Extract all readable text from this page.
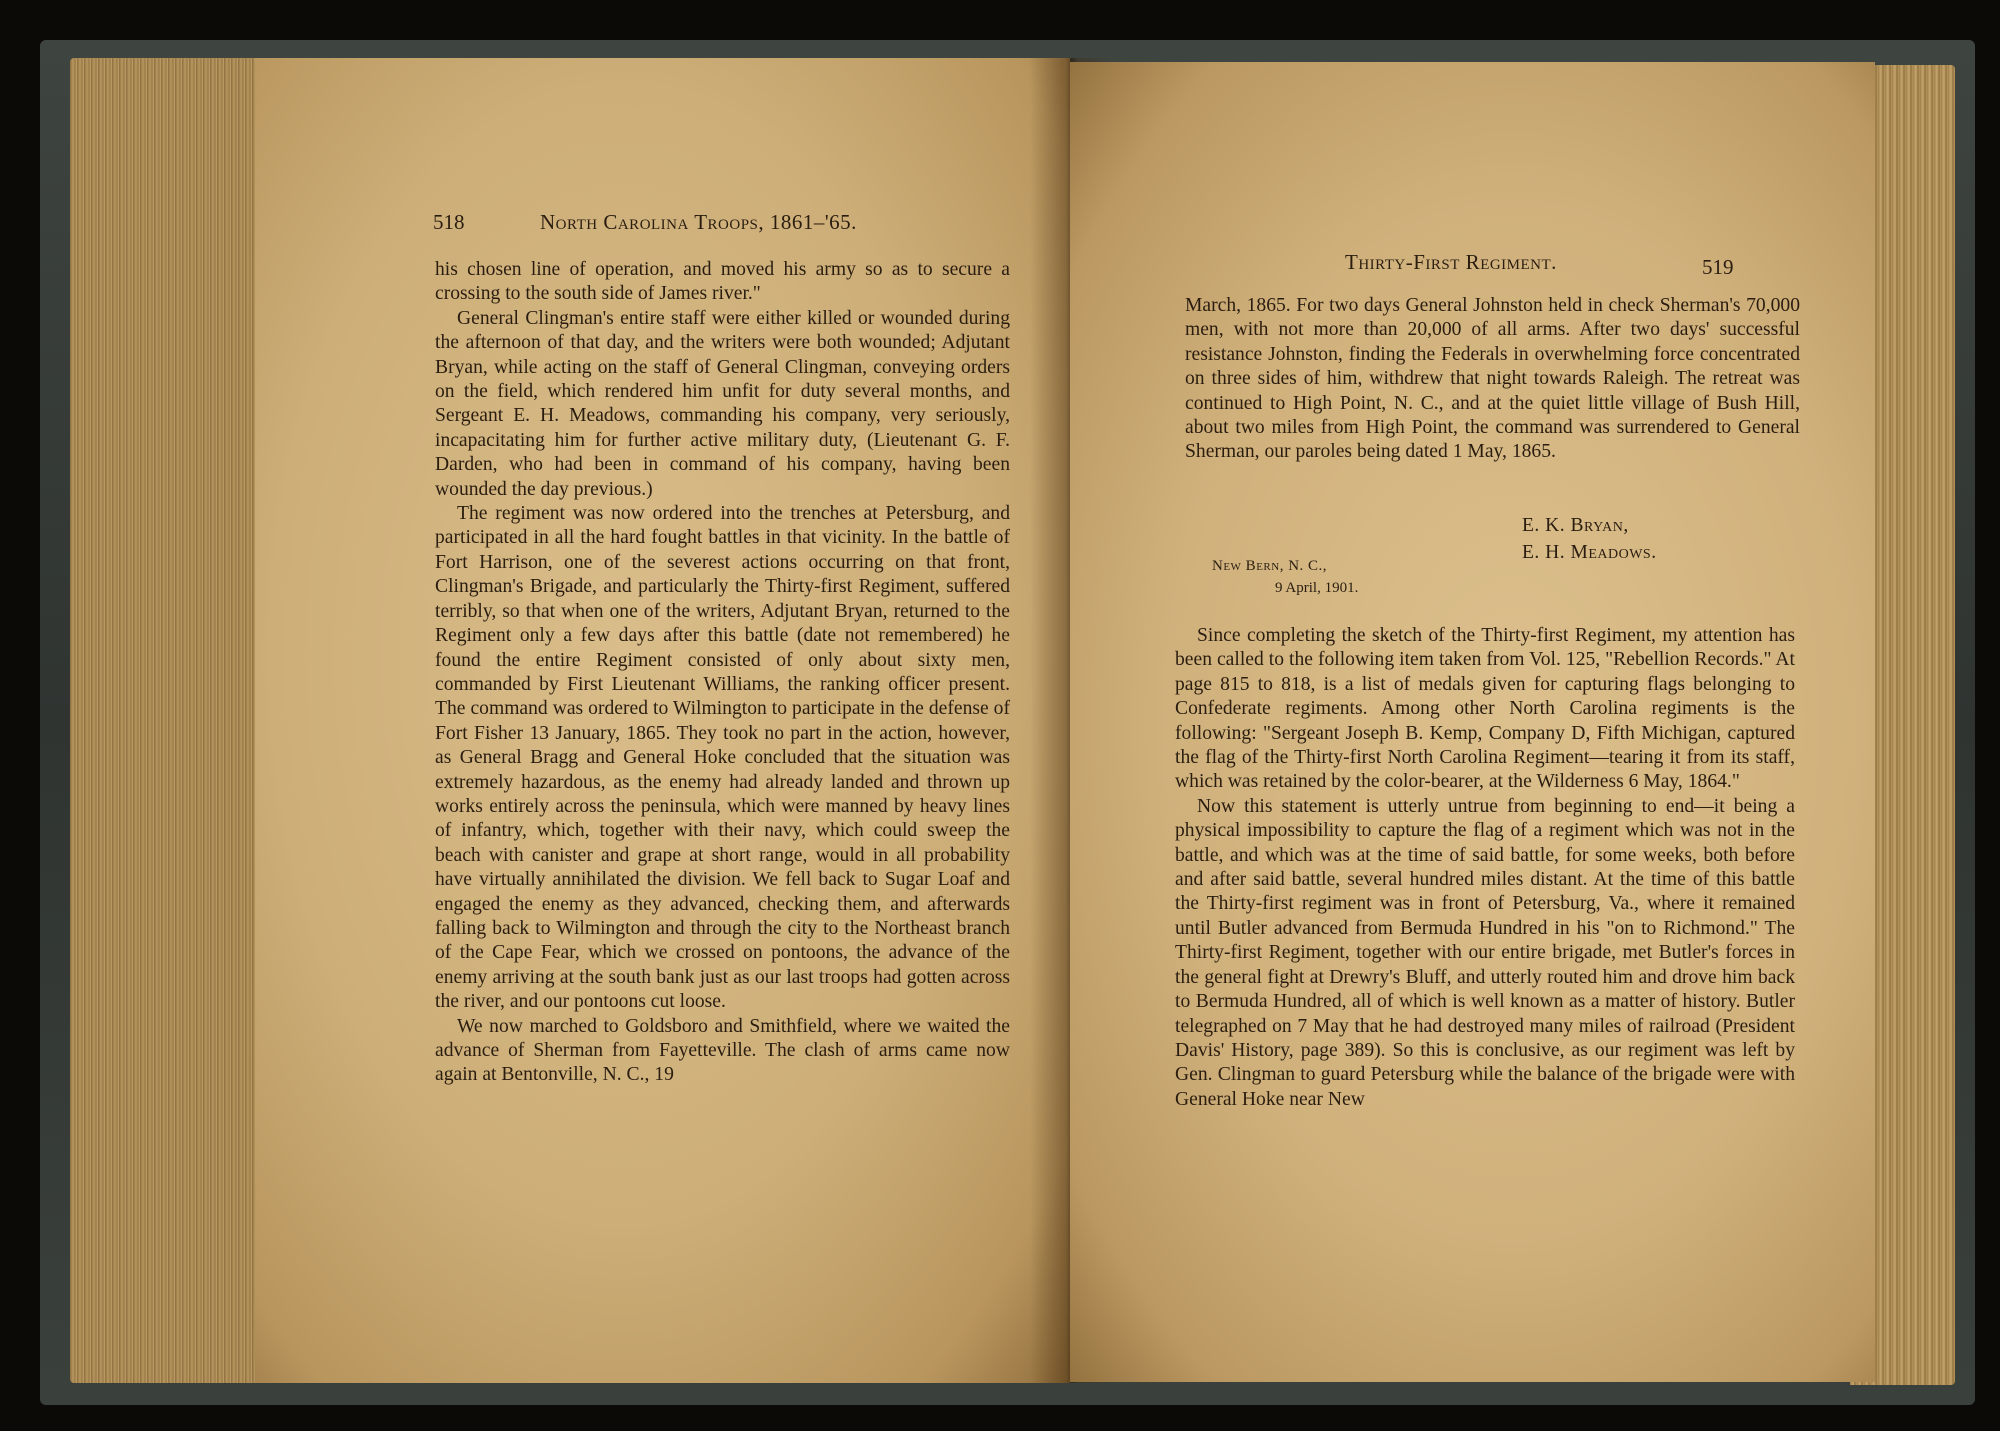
518	North Carolina Troops, 1861–'65.

his chosen line of operation, and moved his army so as to secure a crossing to the south side of James river."

General Clingman's entire staff were either killed or wounded during the afternoon of that day, and the writers were both wounded; Adjutant Bryan, while acting on the staff of General Clingman, conveying orders on the field, which rendered him unfit for duty several months, and Sergeant E. H. Meadows, commanding his company, very seriously, incapacitating him for further active military duty, (Lieutenant G. F. Darden, who had been in command of his company, having been wounded the day previous.)

The regiment was now ordered into the trenches at Petersburg, and participated in all the hard fought battles in that vicinity. In the battle of Fort Harrison, one of the severest actions occurring on that front, Clingman's Brigade, and particularly the Thirty-first Regiment, suffered terribly, so that when one of the writers, Adjutant Bryan, returned to the Regiment only a few days after this battle (date not remembered) he found the entire Regiment consisted of only about sixty men, commanded by First Lieutenant Williams, the ranking officer present. The command was ordered to Wilmington to participate in the defense of Fort Fisher 13 January, 1865. They took no part in the action, however, as General Bragg and General Hoke concluded that the situation was extremely hazardous, as the enemy had already landed and thrown up works entirely across the peninsula, which were manned by heavy lines of infantry, which, together with their navy, which could sweep the beach with canister and grape at short range, would in all probability have virtually annihilated the division. We fell back to Sugar Loaf and engaged the enemy as they advanced, checking them, and afterwards falling back to Wilmington and through the city to the Northeast branch of the Cape Fear, which we crossed on pontoons, the advance of the enemy arriving at the south bank just as our last troops had gotten across the river, and our pontoons cut loose.

We now marched to Goldsboro and Smithfield, where we waited the advance of Sherman from Fayetteville. The clash of arms came now again at Bentonville, N. C., 19

Thirty-First Regiment.	519

March, 1865. For two days General Johnston held in check Sherman's 70,000 men, with not more than 20,000 of all arms. After two days' successful resistance Johnston, finding the Federals in overwhelming force concentrated on three sides of him, withdrew that night towards Raleigh. The retreat was continued to High Point, N. C., and at the quiet little village of Bush Hill, about two miles from High Point, the command was surrendered to General Sherman, our paroles being dated 1 May, 1865.

E. K. Bryan,
E. H. Meadows.
New Bern, N. C.,
9 April, 1901.

Since completing the sketch of the Thirty-first Regiment, my attention has been called to the following item taken from Vol. 125, "Rebellion Records." At page 815 to 818, is a list of medals given for capturing flags belonging to Confederate regiments. Among other North Carolina regiments is the following: "Sergeant Joseph B. Kemp, Company D, Fifth Michigan, captured the flag of the Thirty-first North Carolina Regiment—tearing it from its staff, which was retained by the color-bearer, at the Wilderness 6 May, 1864."

Now this statement is utterly untrue from beginning to end—it being a physical impossibility to capture the flag of a regiment which was not in the battle, and which was at the time of said battle, for some weeks, both before and after said battle, several hundred miles distant. At the time of this battle the Thirty-first regiment was in front of Petersburg, Va., where it remained until Butler advanced from Bermuda Hundred in his "on to Richmond." The Thirty-first Regiment, together with our entire brigade, met Butler's forces in the general fight at Drewry's Bluff, and utterly routed him and drove him back to Bermuda Hundred, all of which is well known as a matter of history. Butler telegraphed on 7 May that he had destroyed many miles of railroad (President Davis' History, page 389). So this is conclusive, as our regiment was left by Gen. Clingman to guard Petersburg while the balance of the brigade were with General Hoke near New
